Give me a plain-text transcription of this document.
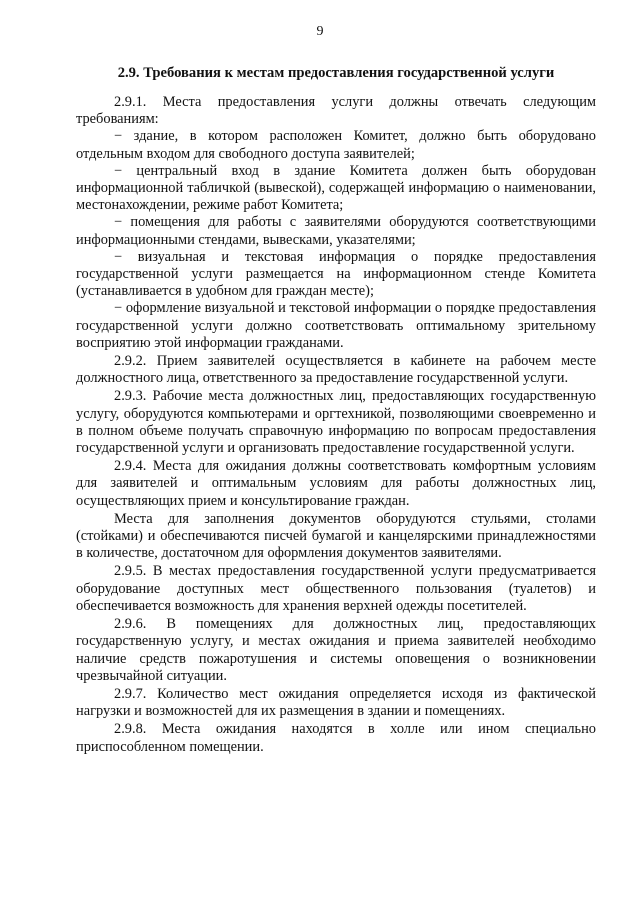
9
2.9. Требования к местам предоставления государственной услуги

2.9.1. Места предоставления услуги должны отвечать следующим требованиям:

− здание, в котором расположен Комитет, должно быть оборудовано отдельным входом для свободного доступа заявителей;

− центральный вход в здание Комитета должен быть оборудован информационной табличкой (вывеской), содержащей информацию о наименовании, местонахождении, режиме работ Комитета;

− помещения для работы с заявителями оборудуются соответствующими информационными стендами, вывесками, указателями;

− визуальная и текстовая информация о порядке предоставления государственной услуги размещается на информационном стенде Комитета (устанавливается в удобном для граждан месте);

− оформление визуальной и текстовой информации о порядке предоставления государственной услуги должно соответствовать оптимальному зрительному восприятию этой информации гражданами.

2.9.2. Прием заявителей осуществляется в кабинете на рабочем месте должностного лица, ответственного за предоставление государственной услуги.

2.9.3. Рабочие места должностных лиц, предоставляющих государственную услугу, оборудуются компьютерами и оргтехникой, позволяющими своевременно и в полном объеме получать справочную информацию по вопросам предоставления государственной услуги и организовать предоставление государственной услуги.

2.9.4. Места для ожидания должны соответствовать комфортным условиям для заявителей и оптимальным условиям для работы должностных лиц, осуществляющих прием и консультирование граждан.

Места для заполнения документов оборудуются стульями, столами (стойками) и обеспечиваются писчей бумагой и канцелярскими принадлежностями в количестве, достаточном для оформления документов заявителями.

2.9.5. В местах предоставления государственной услуги предусматривается оборудование доступных мест общественного пользования (туалетов) и обеспечивается возможность для хранения верхней одежды посетителей.

2.9.6. В помещениях для должностных лиц, предоставляющих государственную услугу, и местах ожидания и приема заявителей необходимо наличие средств пожаротушения и системы оповещения о возникновении чрезвычайной ситуации.

2.9.7. Количество мест ожидания определяется исходя из фактической нагрузки и возможностей для их размещения в здании и помещениях.

2.9.8. Места ожидания находятся в холле или ином специально приспособленном помещении.
